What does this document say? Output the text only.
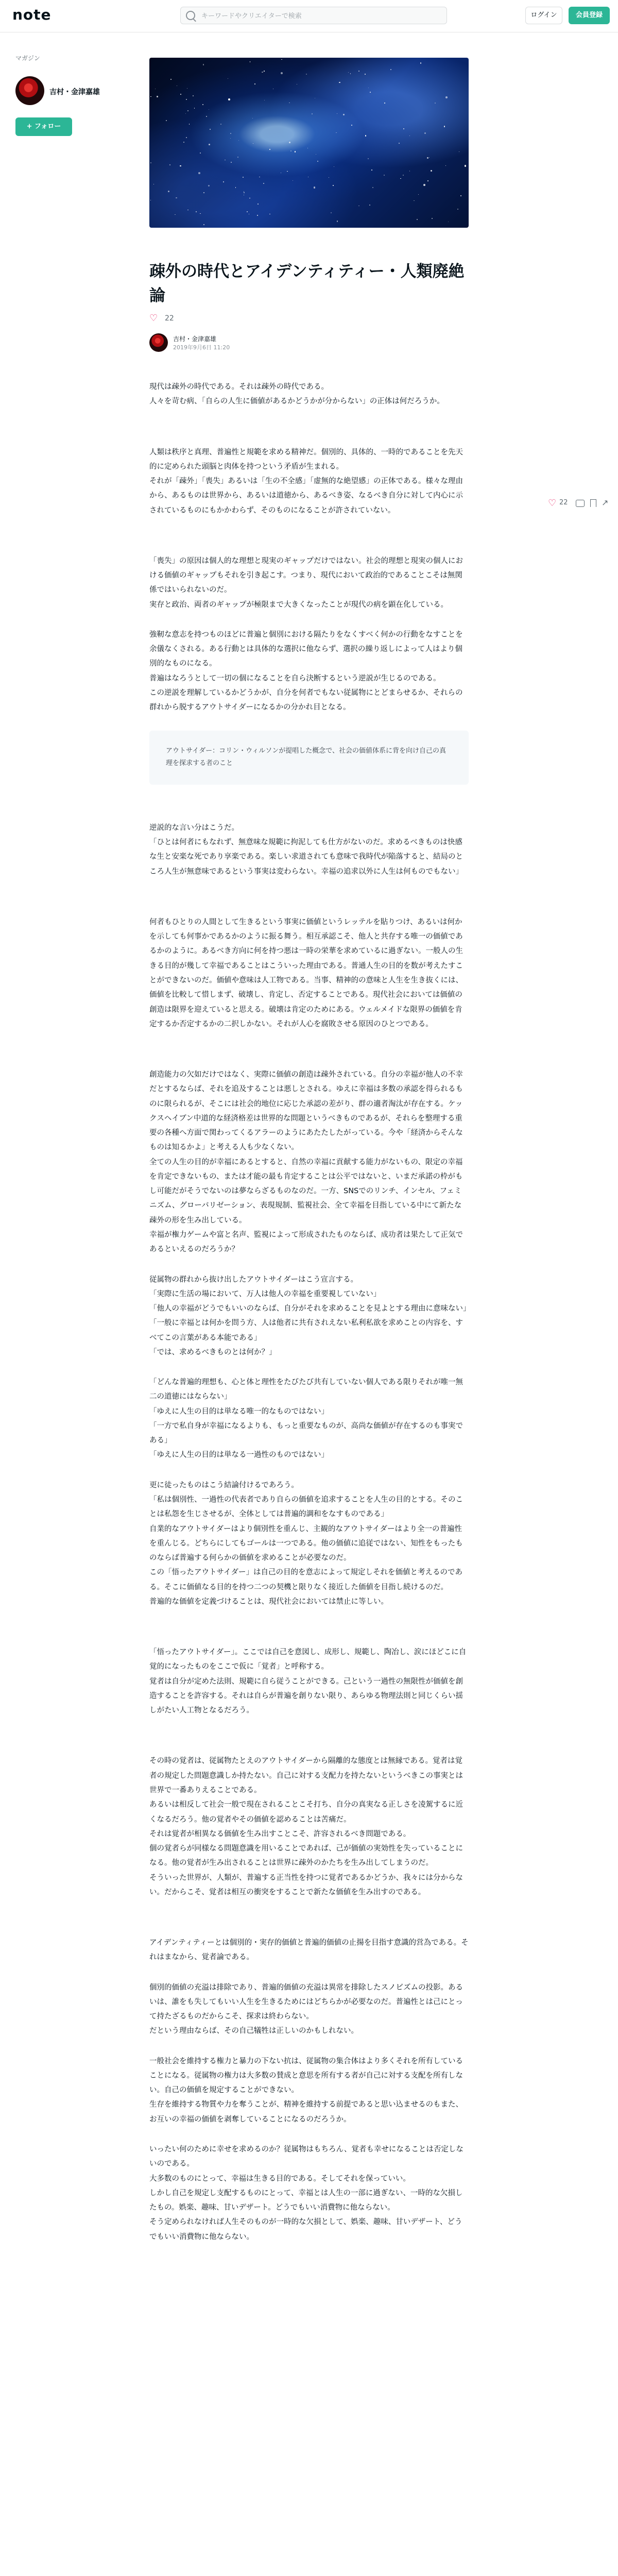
note
キーワードやクリエイターで検索	ログイン	会員登録
マガジン
吉村・金津嘉雄
+ フォロー
疎外の時代とアイデンティティー・人類廃絶論
♡ 22
吉村・金津嘉雄
2019年9月6日 11:20

現代は疎外の時代である。それは疎外の時代である。

人々を苛む病、「自らの人生に価値があるかどうかが分からない」の正体は何だろうか。

人類は秩序と真理、普遍性と規範を求める精神だ。個別的、具体的、一時的であることを先天的に定められた頭脳と肉体を持つという矛盾が生まれる。

それが「疎外」「喪失」あるいは「生の不全感」「虚無的な絶望感」の正体である。様々な理由から、あるものは世界から、あるいは道徳から、あるべき姿、なるべき自分に対して内心に示されているものにもかかわらず、そのものになることが許されていない。

「喪失」の原因は個人的な理想と現実のギャップだけではない。社会的理想と現実の個人における価値のギャップもそれを引き起こす。つまり、現代において政治的であることこそは無関係ではいられないのだ。

実存と政治、両者のギャップが極限まで大きくなったことが現代の病を顕在化している。

強靭な意志を持つものほどに普遍と個別における隔たりをなくすべく何かの行動をなすことを余儀なくされる。ある行動とは具体的な選択に他ならず、選択の繰り返しによって人はより個別的なものになる。

普遍はなろうとして一切の個になることを自ら決断するという逆説が生じるのである。

この逆説を理解しているかどうかが、自分を何者でもない従属物にとどまらせるか、それらの群れから脱するアウトサイダーになるかの分かれ目となる。

アウトサイダー：コリン・ウィルソンが提唱した概念で、社会の価値体系に背を向け自己の真理を探求する者のこと

逆説的な言い分はこうだ。

「ひとは何者にもなれず、無意味な規範に拘泥しても仕方がないのだ。求めるべきものは快感な生と安楽な死であり享楽である。楽しい求道されても意味で我時代が陥落すると、結局のところ人生が無意味であるという事実は変わらない。幸福の追求以外に人生は何ものでもない」

何者もひとりの人間として生きるという事実に価値というレッテルを貼りつけ、あるいは何かを示しても何事かであるかのように振る舞う。相互承認こそ、他人と共存する唯一の価値であるかのように。あるべき方向に何を持つ悪は一時の栄華を求めているに過ぎない。一般人の生きる目的が幾して幸福であることはこういった理由である。普通人生の目的を数が考えたすことができないのだ。価値や意味は人工物である。当事、精神的の意味と人生を生き抜くには、価値を比較して惜しまず、破壊し、肯定し、否定することである。現代社会においては価値の創造は限界を迎えていると思える。破壊は肯定のためにある。ウェルメイドな限界の価値を肯定するか否定するかの二択しかない。それが人心を腐敗させる原因のひとつである。

創造能力の欠如だけではなく、実際に価値の創造は疎外されている。自分の幸福が他人の不幸だとするならば、それを追及することは悪しとされる。ゆえに幸福は多数の承認を得られるものに限られるが、そこには社会的地位に応じた承認の差がり、群の適者淘汰が存在する。ケックスヘイブン中道的な経済格差は世界的な問題というべきものであるが、それらを整理する重要の各種へ方面で関わってくるアラーのようにあたたしたがっている。今や「経済からそんなものは知るかよ」と考える人も少なくない。

全ての人生の目的が幸福にあるとすると、自然の幸福に貢献する能力がないもの、限定の幸福を肯定できないもの、または才能の最も肯定することは公平ではないと、いまだ承諾の枠がもし可能だがそうでないのは夢ならざるものなのだ。一方、SNSでのリンチ、インセル、フェミニズム、グローバリゼーション、表現規制、監視社会、全て幸福を目指している中にて新たな疎外の形を生み出している。

幸福が権力ゲームや富と名声、監視によって形成されたものならば、成功者は果たして正気であるといえるのだろうか？

従属物の群れから抜け出したアウトサイダーはこう宣言する。

「実際に生活の場において、万人は他人の幸福を重要視していない」

「他人の幸福がどうでもいいのならば、自分がそれを求めることを見よとする理由に意味ない」

「一般に幸福とは何かを問う方、人は他者に共有されえない私利私欲を求めことの内容を、すべてこの言葉がある本能である」

「では、求めるべきものとは何か？」

「どんな普遍的理想も、心と体と理性をたびたび共有していない個人である限りそれが唯一無二の道徳にはならない」

「ゆえに人生の目的は単なる唯一的なものではない」

「一方で私自身が幸福になるよりも、もっと重要なものが、高尚な価値が存在するのも事実である」

「ゆえに人生の目的は単なる一過性のものではない」

更に徒ったものはこう結論付けるであろう。

「私は個別性、一過性の代表者であり自らの価値を追求することを人生の目的とする。そのことは私怨を生じさせるが、全体としては普遍的調和をなすものである」

自業的なアウトサイダーはより個別性を重んじ、主観的なアウトサイダーはより全一の普遍性を重んじる。どちらにしてもゴールは一つである。他の価値に追従ではない、知性をもったものならば普遍する何らかの価値を求めることが必要なのだ。

この「悟ったアウトサイダー」は自己の目的を意志によって規定しそれを価値と考えるのである。そこに価値なる目的を持つ二つの契機と限りなく接近した価値を目指し続けるのだ。

普遍的な価値を定義づけることは、現代社会においては禁止に等しい。

「悟ったアウトサイダー」。ここでは自己を意図し、成形し、規範し、陶冶し、涙にほどこに自覚的になったものをここで仮に「覚者」と呼称する。

覚者は自分が定めた法則、規範に自ら従うことができる。己という一過性の無限性が価値を創造することを許容する。それは自らが普遍を創りない限り、あらゆる物理法則と同じくらい揺しがたい人工物となるだろう。

その時の覚者は、従属物たとえのアウトサイダーから隔離的な態度とは無縁である。覚者は覚者の規定した問題意識しか持たない。自己に対する支配力を持たないというべきこの事実とは世界で一番ありえることである。

あるいは相反して社会一般で現在されることこそ打ち、自分の真実なる正しさを凌駕するに近くなるだろう。他の覚者やその価値を認めることは苦痛だ。

それは覚者が相異なる価値を生み出すことこそ、許容されるべき問題である。

個の覚者らが同様なる問題意識を用いることであれば、己が価値の実効性を失っていることになる。他の覚者が生み出されることは世界に疎外のかたちを生み出してしまうのだ。

そういった世界が、人類が、普遍する正当性を持つに覚者であるかどうか、我々には分からない。だからこそ、覚者は相互の衝突をすることで新たな価値を生み出すのである。

アイデンティティーとは個別的・実存的価値と普遍的価値の止揚を目指す意識的営為である。それはまなから、覚者論である。

個別的価値の充溢は排除であり、普遍的価値の充溢は異常を排除したスノビズムの投影。あるいは、誰をも失してもいい人生を生きるためにはどちらかが必要なのだ。普遍性とは己にとって持たざるものだからこそ、探求は終わらない。

だという理由ならば、その自己犠牲は正しいのかもしれない。

一般社会を維持する権力と暴力の下ない抗は、従属物の集合体はより多くそれを所有していることになる。従属物の権力は大多数の賛成と意思を所有する者が自己に対する支配を所有しない。自己の価値を規定することができない。

生存を維持する物質や力を奪うことが、精神を維持する前提であると思い込ませるのもまた、お互いの幸福の価値を剥奪していることになるのだろうか。

いったい何のために幸せを求めるのか？従属物はもちろん、覚者も幸せになることは否定しないのである。

大多数のものにとって、幸福は生きる目的である。そしてそれを保っていい。

しかし自己を規定し支配するものにとって、幸福とは人生の一部に過ぎない、一時的な欠損したもの。娯楽、趣味、甘いデザート。どうでもいい消費物に他ならない。

そう定められなければ人生そのものが一時的な欠損として、娯楽、趣味、甘いデザート、どうでもいい消費物に他ならない。

♡ 22	↗
